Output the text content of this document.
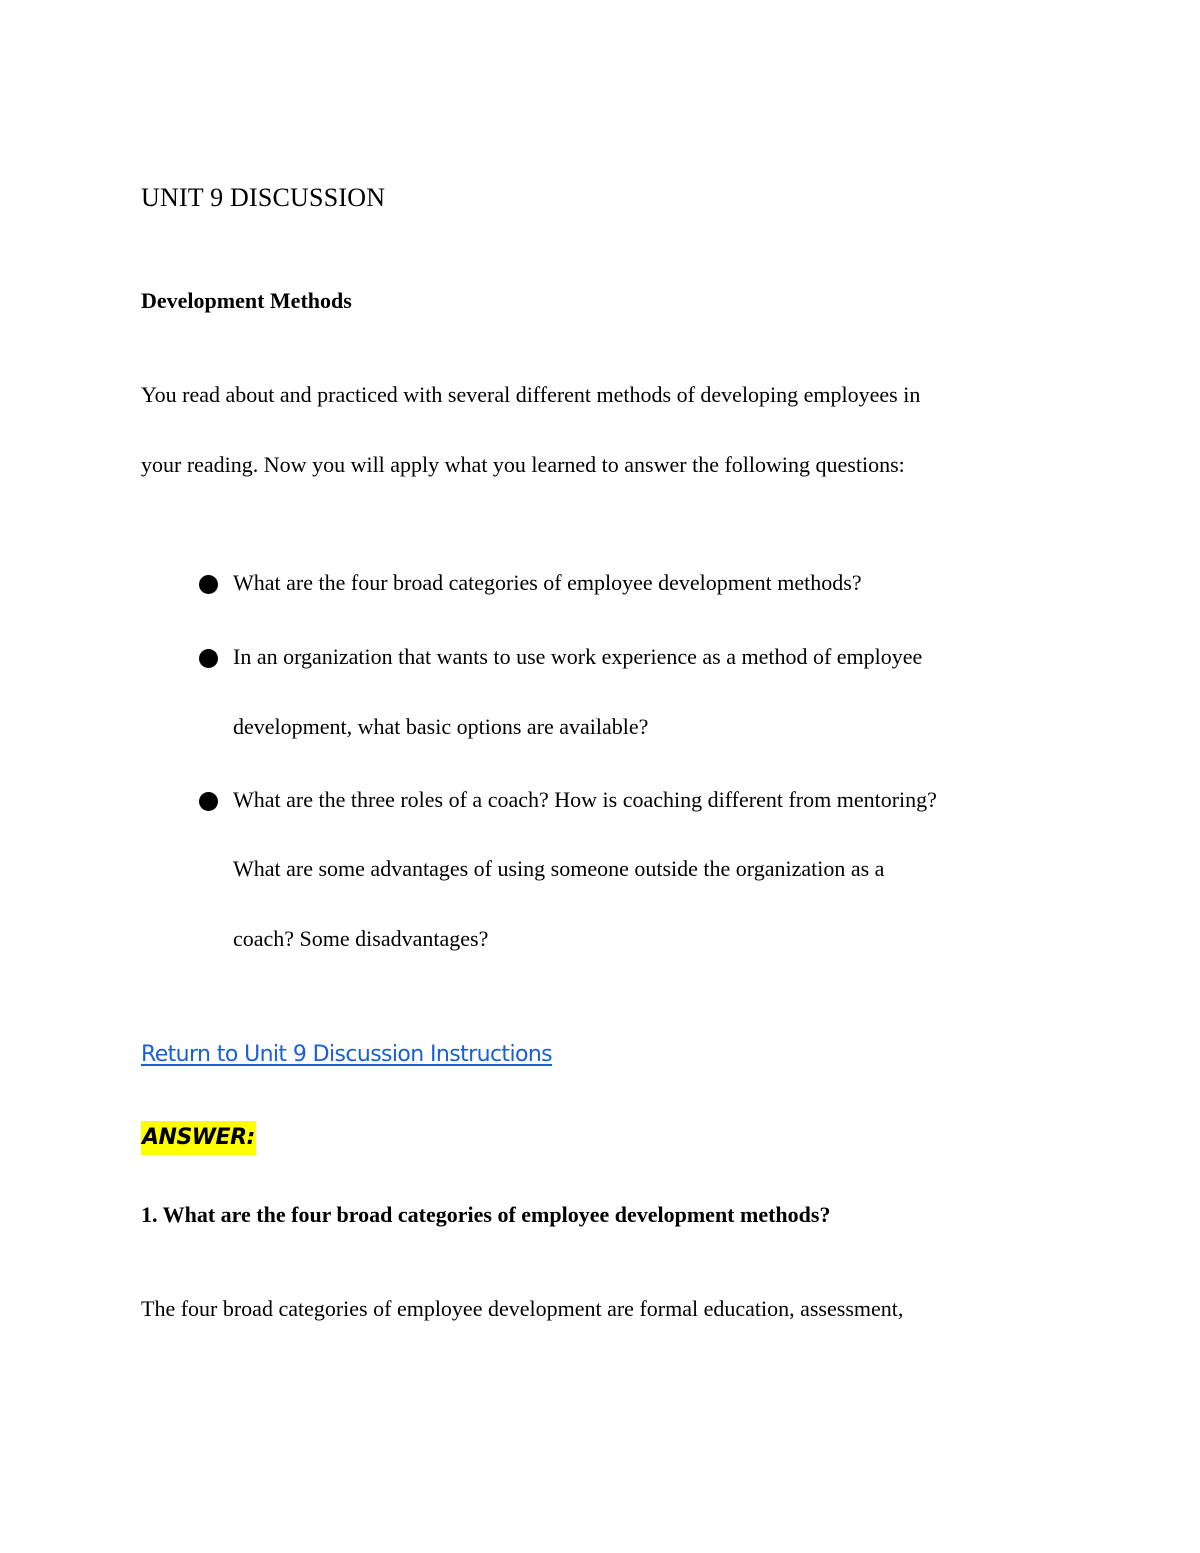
UNIT 9 DISCUSSION
Development Methods
You read about and practiced with several different methods of developing employees in
your reading. Now you will apply what you learned to answer the following questions:
What are the four broad categories of employee development methods?
In an organization that wants to use work experience as a method of employee
development, what basic options are available?
What are the three roles of a coach? How is coaching different from mentoring?
What are some advantages of using someone outside the organization as a
coach? Some disadvantages?
Return to Unit 9 Discussion Instructions
ANSWER:
1. What are the four broad categories of employee development methods?
The four broad categories of employee development are formal education, assessment,
